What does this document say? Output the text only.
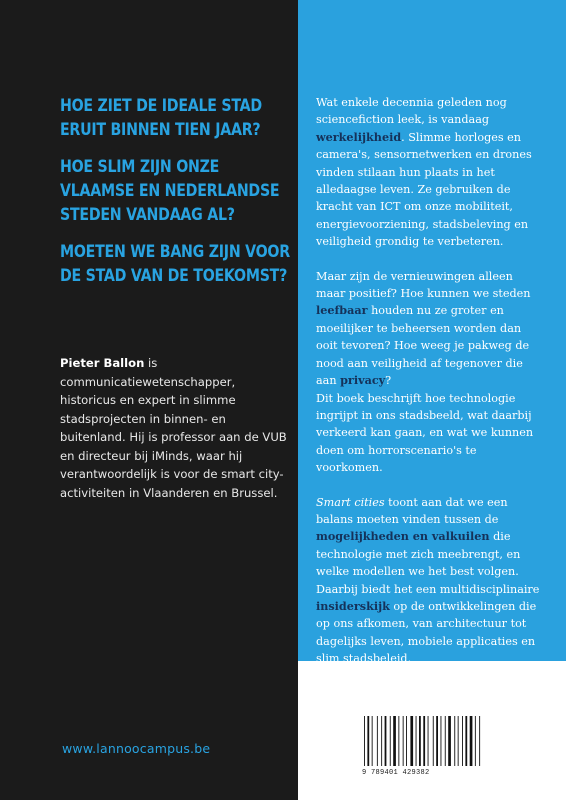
HOE ZIET DE IDEALE STAD ERUIT BINNEN TIEN JAAR?
HOE SLIM ZIJN ONZE VLAAMSE EN NEDERLANDSE STEDEN VANDAAG AL?
MOETEN WE BANG ZIJN VOOR DE STAD VAN DE TOEKOMST?
Pieter Ballon is communicatiewetenschapper, historicus en expert in slimme stadsprojecten in binnen- en buitenland. Hij is professor aan de VUB en directeur bij iMinds, waar hij verantwoordelijk is voor de smart city-activiteiten in Vlaanderen en Brussel.
www.lannoocampus.be

Wat enkele decennia geleden nog sciencefiction leek, is vandaag werkelijkheid. Slimme horloges en camera's, sensornetwerken en drones vinden stilaan hun plaats in het alledaagse leven. Ze gebruiken de kracht van ICT om onze mobiliteit, energievoorziening, stadsbeleving en veiligheid grondig te verbeteren.

Maar zijn de vernieuwingen alleen maar positief? Hoe kunnen we steden leefbaar houden nu ze groter en moeilijker te beheersen worden dan ooit tevoren? Hoe weeg je pakweg de nood aan veiligheid af tegenover die aan privacy?
Dit boek beschrijft hoe technologie ingrijpt in ons stadsbeeld, wat daarbij verkeerd kan gaan, en wat we kunnen doen om horrorscenario's te voorkomen.

Smart cities toont aan dat we een balans moeten vinden tussen de mogelijkheden en valkuilen die technologie met zich meebrengt, en welke modellen we het best volgen. Daarbij biedt het een multidisciplinaire insiderskijk op de ontwikkelingen die op ons afkomen, van architectuur tot dagelijks leven, mobiele applicaties en slim stadsbeleid.

9 789401 429382
